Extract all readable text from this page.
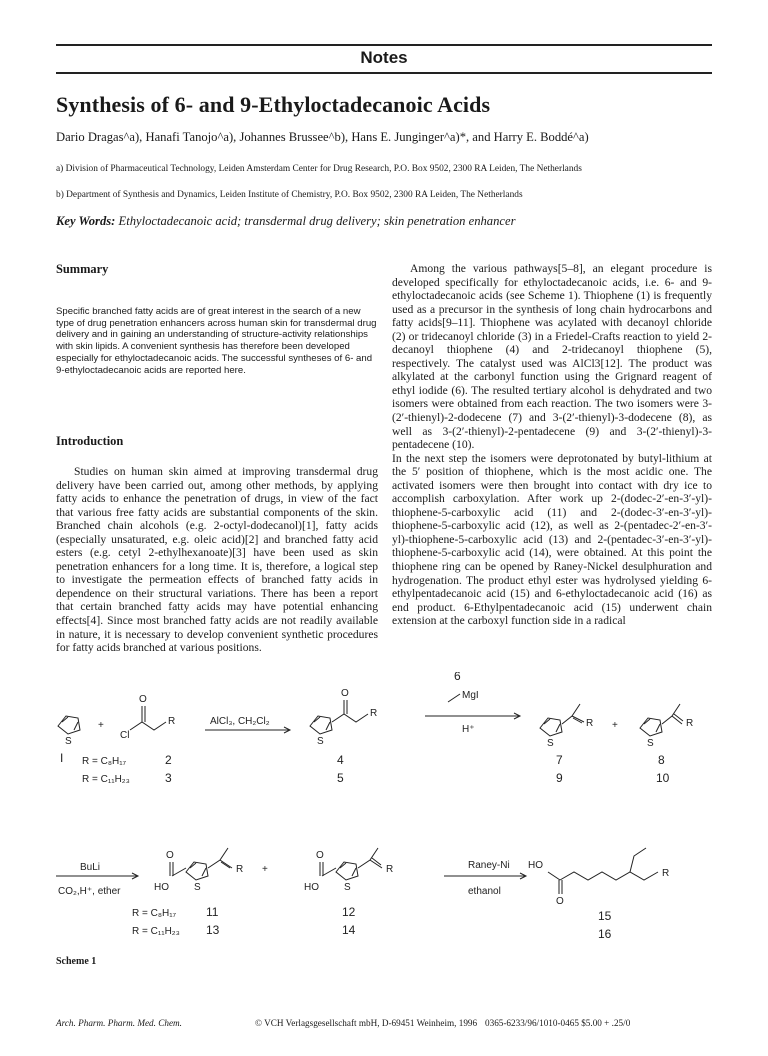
Notes
Synthesis of 6- and 9-Ethyloctadecanoic Acids
Dario Dragas^a), Hanafi Tanojo^a), Johannes Brussee^b), Hans E. Junginger^a)*, and Harry E. Boddé^a)
a) Division of Pharmaceutical Technology, Leiden Amsterdam Center for Drug Research, P.O. Box 9502, 2300 RA Leiden, The Netherlands
b) Department of Synthesis and Dynamics, Leiden Institute of Chemistry, P.O. Box 9502, 2300 RA Leiden, The Netherlands
Key Words: Ethyloctadecanoic acid; transdermal drug delivery; skin penetration enhancer
Summary
Specific branched fatty acids are of great interest in the search of a new type of drug penetration enhancers across human skin for transdermal drug delivery and in gaining an understanding of structure-activity relationships with skin lipids. A convenient synthesis has therefore been developed especially for ethyloctadecanoic acids. The successful syntheses of 6- and 9-ethyloctadecanoic acids are reported here.
Introduction

Studies on human skin aimed at improving transdermal drug delivery have been carried out, among other methods, by applying fatty acids to enhance the penetration of drugs, in view of the fact that various free fatty acids are substantial components of the skin. Branched chain alcohols (e.g. 2-octyl-dodecanol)[1], fatty acids (especially unsaturated, e.g. oleic acid)[2] and branched fatty acid esters (e.g. cetyl 2-ethylhexanoate)[3] have been used as skin penetration enhancers for a long time. It is, therefore, a logical step to investigate the permeation effects of branched fatty acids in dependence on their structural variations. There has been a report that certain branched fatty acids may have potential enhancing effects[4]. Since most branched fatty acids are not readily available in nature, it is necessary to develop convenient synthetic procedures for fatty acids branched at various positions.

Among the various pathways[5–8], an elegant procedure is developed specifically for ethyloctadecanoic acids, i.e. 6- and 9-ethyloctadecanoic acids (see Scheme 1). Thiophene (1) is frequently used as a precursor in the synthesis of long chain hydrocarbons and fatty acids[9–11]. Thiophene was acylated with decanoyl chloride (2) or tridecanoyl chloride (3) in a Friedel-Crafts reaction to yield 2-decanoyl thiophene (4) and 2-tridecanoyl thiophene (5), respectively. The catalyst used was AlCl3[12]. The product was alkylated at the carbonyl function using the Grignard reagent of ethyl iodide (6). The resulted tertiary alcohol is dehydrated and two isomers were obtained from each reaction. The two isomers were 3-(2′-thienyl)-2-dodecene (7) and 3-(2′-thienyl)-3-dodecene (8), as well as 3-(2′-thienyl)-2-pentadecene (9) and 3-(2′-thienyl)-3-pentadecene (10).

In the next step the isomers were deprotonated by butyl-lithium at the 5′ position of thiophene, which is the most acidic one. The activated isomers were then brought into contact with dry ice to accomplish carboxylation. After work up 2-(dodec-2′-en-3′-yl)-thiophene-5-carboxylic acid (11) and 2-(dodec-3′-en-3′-yl)-thiophene-5-carboxylic acid (12), as well as 2-(pentadec-2′-en-3′-yl)-thiophene-5-carboxylic acid (13) and 2-(pentadec-3′-en-3′-yl)-thiophene-5-carboxylic acid (14), were obtained. At this point the thiophene ring can be opened by Raney-Nickel desulphuration and hydrogenation. The product ethyl ester was hydrolysed yielding 6-ethylpentadecanoic acid (15) and 6-ethyloctadecanoic acid (16) as end product. 6-Ethylpentadecanoic acid (15) underwent chain extension at the carboxyl function side in a radical

S
+
O
Cl
R
I R = C₈H₁₇	2
R = C₁₁H₂₃	3
AlCl₃, CH₂Cl₂
S
O
R
4
5
6
MgI
H⁺
S
R
7
9
+
S
R
8
10
BuLi
CO₂,H⁺, ether
O
HO	S
R +
O
HO	S
R
R = C₈H₁₇ 11
R = C₁₁H₂₃ 13
12
14
Raney-Ni
ethanol
HO
O
R
15
16
Scheme 1
Arch. Pharm. Pharm. Med. Chem.	© VCH Verlagsgesellschaft mbH, D-69451 Weinheim, 1996 0365-6233/96/1010-0465 $5.00 + .25/0
